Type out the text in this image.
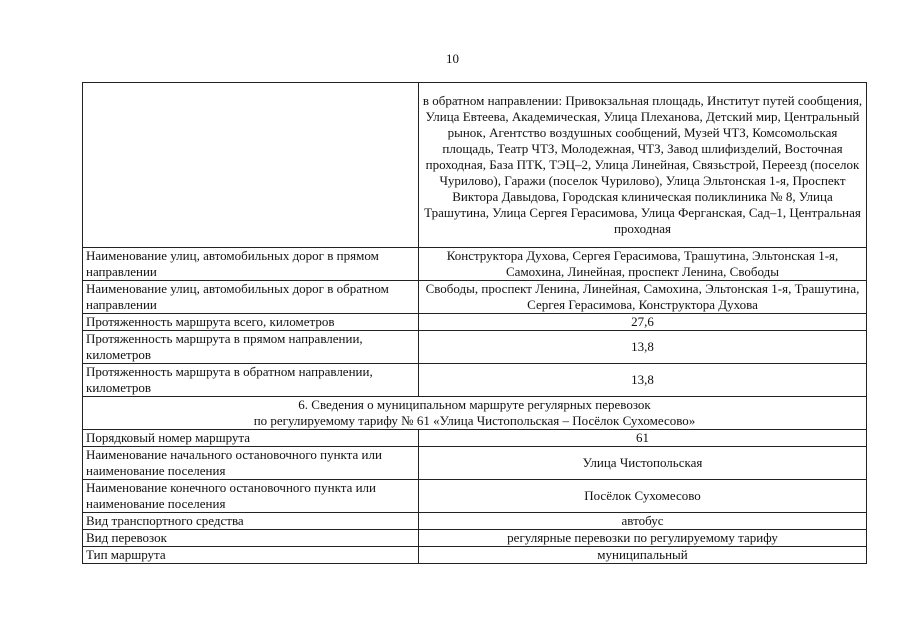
10
	в обратном направлении: Привокзальная площадь, Институт путей сообщения, Улица Евтеева, Академическая, Улица Плеханова, Детский мир, Центральный рынок, Агентство воздушных сообщений, Музей ЧТЗ, Комсомольская площадь, Театр ЧТЗ, Молодежная, ЧТЗ, Завод шлифизделий, Восточная проходная, База ПТК, ТЭЦ–2, Улица Линейная, Связьстрой, Переезд (поселок Чурилово), Гаражи (поселок Чурилово), Улица Эльтонская 1-я, Проспект Виктора Давыдова, Городская клиническая поликлиника № 8, Улица Трашутина, Улица Сергея Герасимова, Улица Ферганская, Сад–1, Центральная проходная
Наименование улиц, автомобильных дорог в прямом направлении	Конструктора Духова, Сергея Герасимова, Трашутина, Эльтонская 1-я, Самохина, Линейная, проспект Ленина, Свободы
Наименование улиц, автомобильных дорог в обратном направлении	Свободы, проспект Ленина, Линейная, Самохина, Эльтонская 1-я, Трашутина, Сергея Герасимова, Конструктора Духова
Протяженность маршрута всего, километров	27,6
Протяженность маршрута в прямом направлении, километров	13,8
Протяженность маршрута в обратном направлении, километров	13,8

6. Сведения о муниципальном маршруте регулярных перевозок
по регулируемому тарифу № 61 «Улица Чистопольская – Посёлок Сухомесово»	

Порядковый номер маршрута	61
Наименование начального остановочного пункта или наименование поселения	Улица Чистопольская
Наименование конечного остановочного пункта или наименование поселения	Посёлок Сухомесово
Вид транспортного средства	автобус
Вид перевозок	регулярные перевозки по регулируемому тарифу
Тип маршрута	муниципальный
